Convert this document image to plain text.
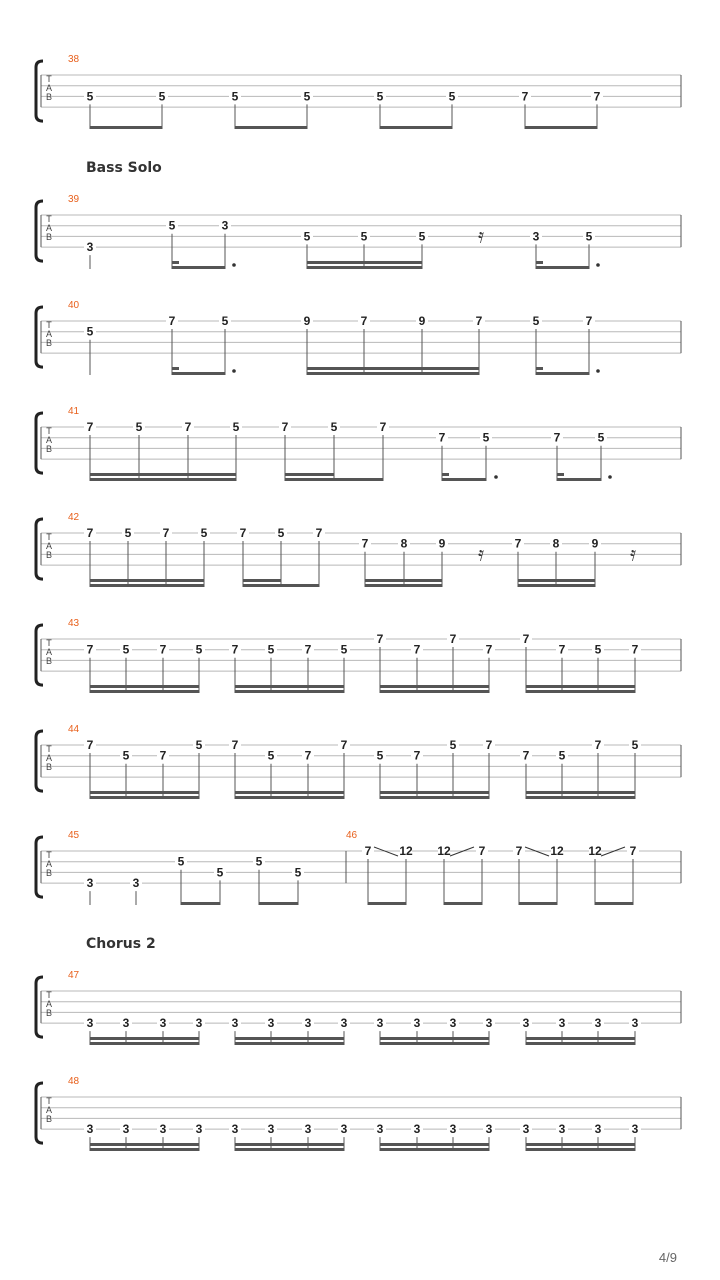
T
A
B
38
5	5	5	5	5	5	7	7
T
A
B
39
3
5	3
5	5	5	3	5
𝄿
T
A
B
40
5
7	5	9	7	9	7	5	7
T
A
B
41
7	5	7	5	7	5	7
7	5	7	5
T
A
B
42
7	5	7	5	7	5	7
7	8	9	7	8	9
𝄿	𝄿
T
A
B
43
7 5	7 5 7 5	7 5
7
7
7
7
7
7 5	7
T
A
B
44
7
5	7
5 7
5	7
7
5	7
5 7
7 5
7	5
T
A
B
45	46
3	3
5
5
5
5
7 12 12 7	7 12 12 7
T
A
B
47
3 3	3 3 3 3	3 3 3	3 3 3	3 3 3	3
T
A
B
48
3 3	3 3 3 3	3 3 3	3 3 3	3 3 3	3
Bass Solo
Chorus 2
4/9
